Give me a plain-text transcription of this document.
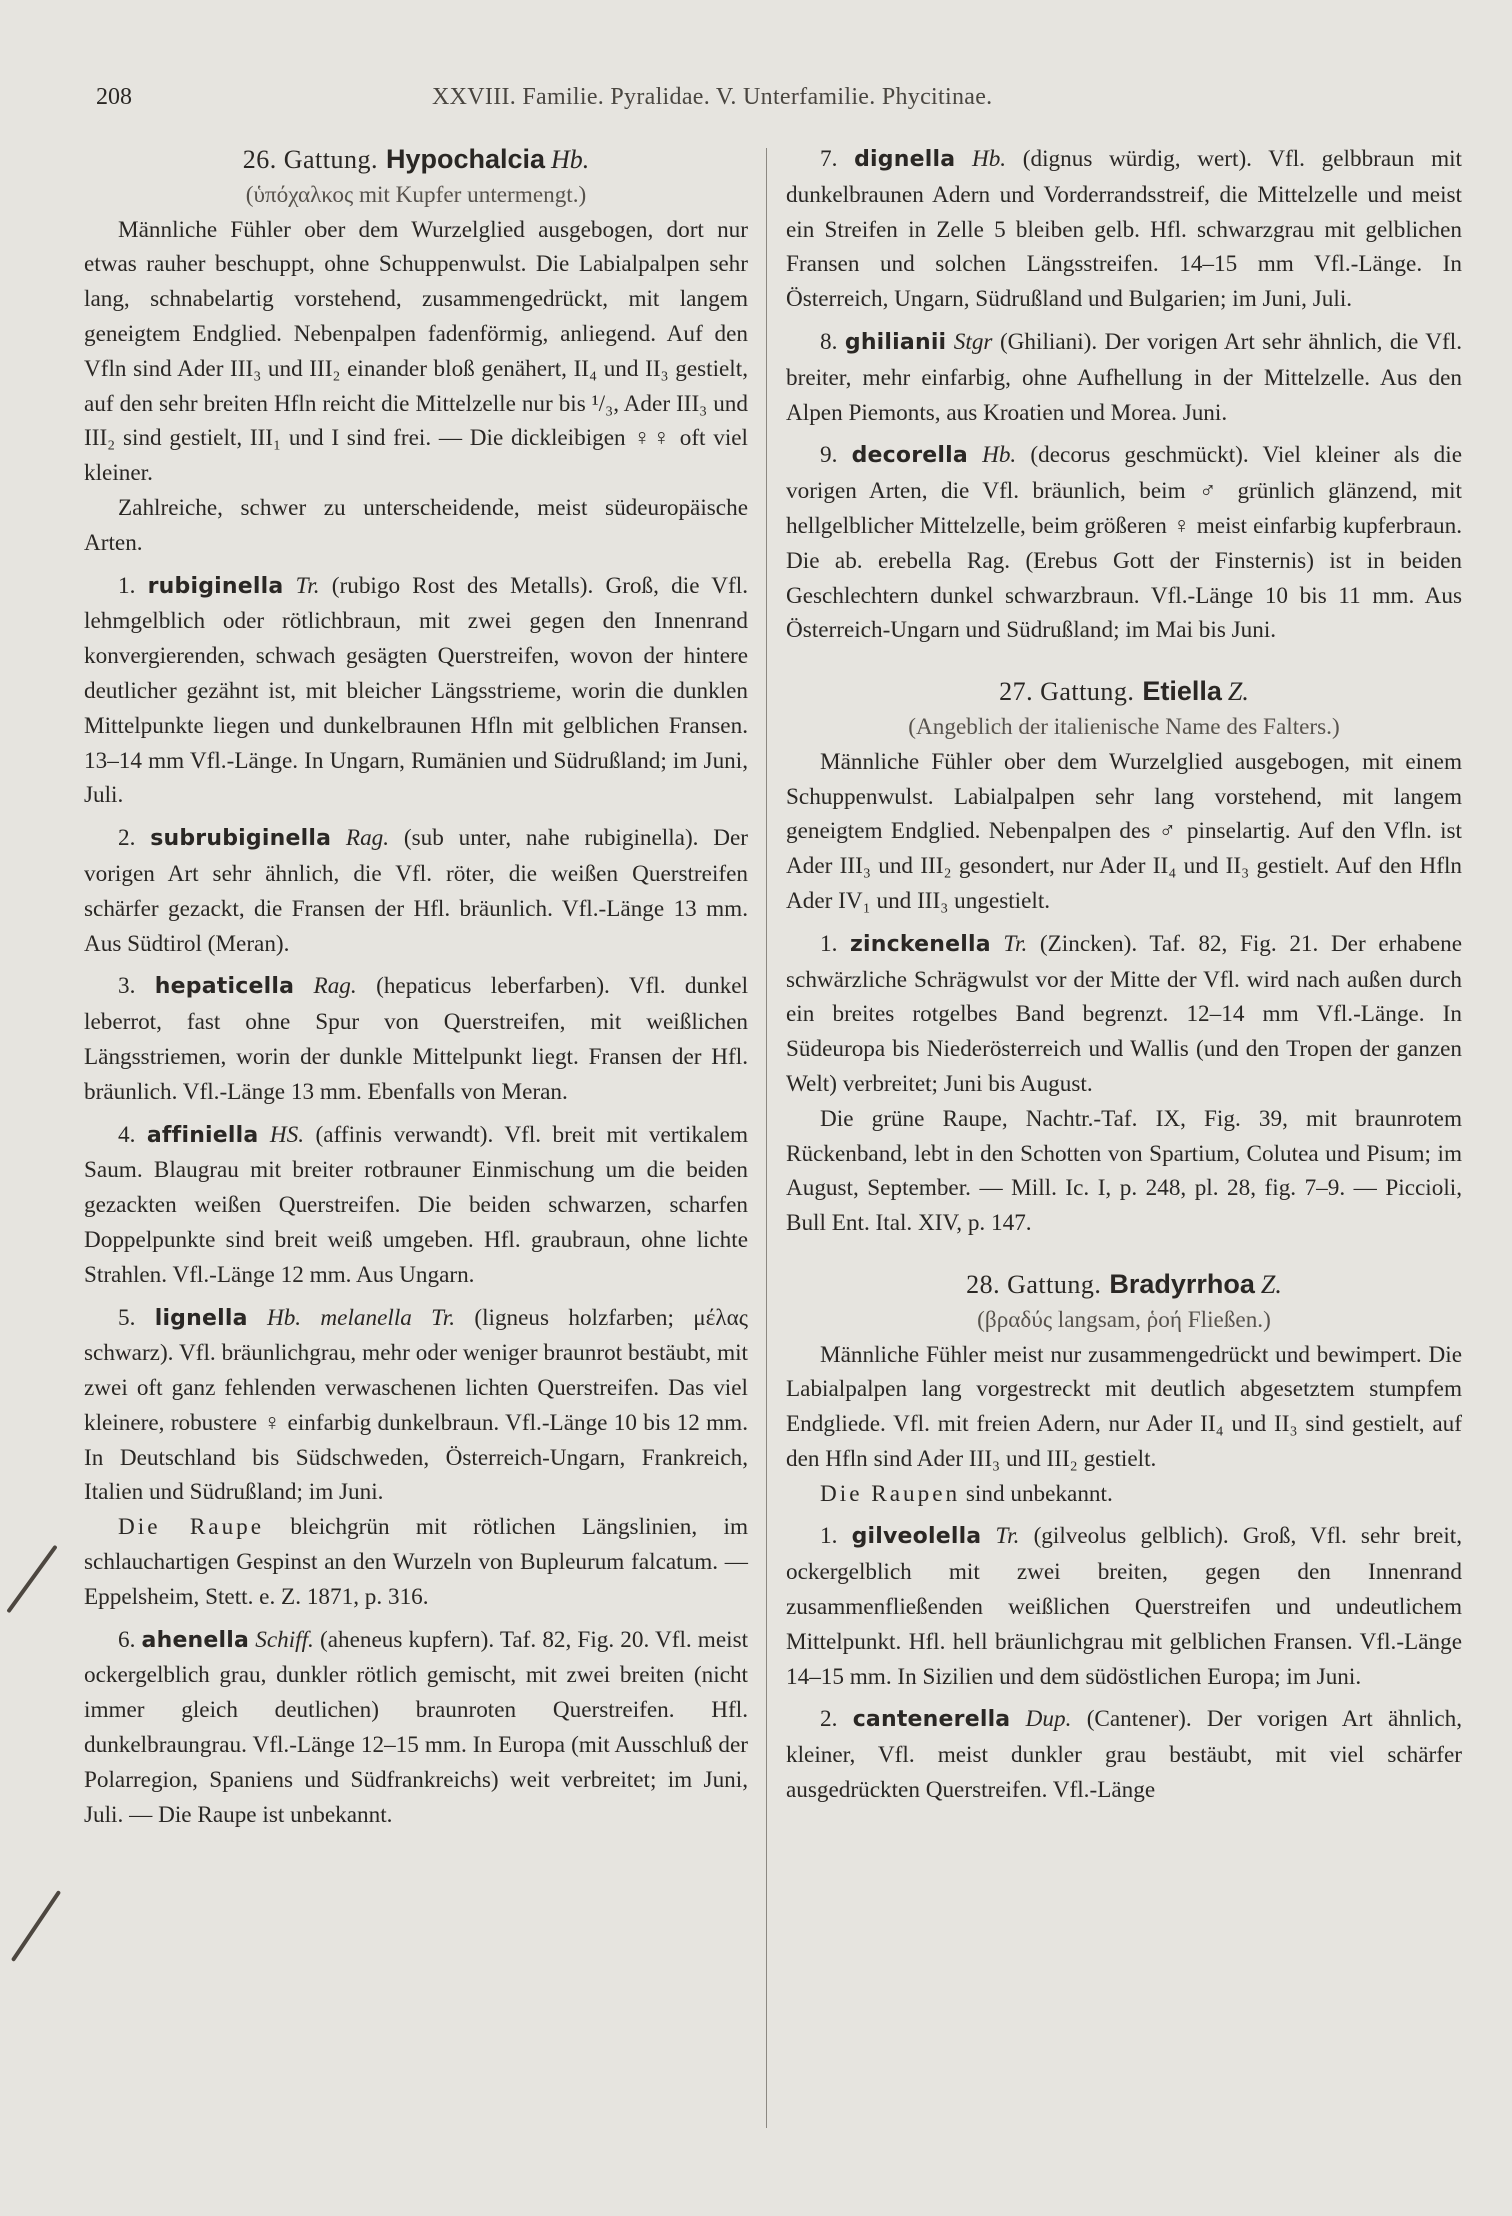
208	XXVIII. Familie. Pyralidae. V. Unterfamilie. Phycitinae.

26. Gattung. Hypochalcia Hb.

(ὑπόχαλκος mit Kupfer untermengt.)

Männliche Fühler ober dem Wurzelglied ausgebogen, dort nur etwas rauher beschuppt, ohne Schuppenwulst. Die Labialpalpen sehr lang, schnabelartig vorstehend, zusammengedrückt, mit langem geneigtem Endglied. Nebenpalpen fadenförmig, anliegend. Auf den Vfln sind Ader III₃ und III₂ einander bloß genähert, II₄ und II₃ gestielt, auf den sehr breiten Hfln reicht die Mittelzelle nur bis ¹/₃, Ader III₃ und III₂ sind gestielt, III₁ und I sind frei. — Die dickleibigen ♀♀ oft viel kleiner.

Zahlreiche, schwer zu unterscheidende, meist südeuropäische Arten.

1. rubiginella Tr. (rubigo Rost des Metalls). Groß, die Vfl. lehmgelblich oder rötlichbraun, mit zwei gegen den Innenrand konvergierenden, schwach gesägten Querstreifen, wovon der hintere deutlicher gezähnt ist, mit bleicher Längsstrieme, worin die dunklen Mittelpunkte liegen und dunkelbraunen Hfln mit gelblichen Fransen. 13–14 mm Vfl.-Länge. In Ungarn, Rumänien und Südrußland; im Juni, Juli.

2. subrubiginella Rag. (sub unter, nahe rubiginella). Der vorigen Art sehr ähnlich, die Vfl. röter, die weißen Querstreifen schärfer gezackt, die Fransen der Hfl. bräunlich. Vfl.-Länge 13 mm. Aus Südtirol (Meran).

3. hepaticella Rag. (hepaticus leberfarben). Vfl. dunkel leberrot, fast ohne Spur von Querstreifen, mit weißlichen Längsstriemen, worin der dunkle Mittelpunkt liegt. Fransen der Hfl. bräunlich. Vfl.-Länge 13 mm. Ebenfalls von Meran.

4. affiniella HS. (affinis verwandt). Vfl. breit mit vertikalem Saum. Blaugrau mit breiter rotbrauner Einmischung um die beiden gezackten weißen Querstreifen. Die beiden schwarzen, scharfen Doppelpunkte sind breit weiß umgeben. Hfl. graubraun, ohne lichte Strahlen. Vfl.-Länge 12 mm. Aus Ungarn.

5. lignella Hb. melanella Tr. (ligneus holzfarben; μέλας schwarz). Vfl. bräunlichgrau, mehr oder weniger braunrot bestäubt, mit zwei oft ganz fehlenden verwaschenen lichten Querstreifen. Das viel kleinere, robustere ♀ einfarbig dunkelbraun. Vfl.-Länge 10 bis 12 mm. In Deutschland bis Südschweden, Österreich-Ungarn, Frankreich, Italien und Südrußland; im Juni.

Die Raupe bleichgrün mit rötlichen Längslinien, im schlauchartigen Gespinst an den Wurzeln von Bupleurum falcatum. — Eppelsheim, Stett. e. Z. 1871, p. 316.

6. ahenella Schiff. (aheneus kupfern). Taf. 82, Fig. 20. Vfl. meist ockergelblich grau, dunkler rötlich gemischt, mit zwei breiten (nicht immer gleich deutlichen) braunroten Querstreifen. Hfl. dunkelbraungrau. Vfl.-Länge 12–15 mm. In Europa (mit Ausschluß der Polarregion, Spaniens und Südfrankreichs) weit verbreitet; im Juni, Juli. — Die Raupe ist unbekannt.

7. dignella Hb. (dignus würdig, wert). Vfl. gelbbraun mit dunkelbraunen Adern und Vorderrandsstreif, die Mittelzelle und meist ein Streifen in Zelle 5 bleiben gelb. Hfl. schwarzgrau mit gelblichen Fransen und solchen Längsstreifen. 14–15 mm Vfl.-Länge. In Österreich, Ungarn, Südrußland und Bulgarien; im Juni, Juli.

8. ghilianii Stgr (Ghiliani). Der vorigen Art sehr ähnlich, die Vfl. breiter, mehr einfarbig, ohne Aufhellung in der Mittelzelle. Aus den Alpen Piemonts, aus Kroatien und Morea. Juni.

9. decorella Hb. (decorus geschmückt). Viel kleiner als die vorigen Arten, die Vfl. bräunlich, beim ♂ grünlich glänzend, mit hellgelblicher Mittelzelle, beim größeren ♀ meist einfarbig kupferbraun. Die ab. erebella Rag. (Erebus Gott der Finsternis) ist in beiden Geschlechtern dunkel schwarzbraun. Vfl.-Länge 10 bis 11 mm. Aus Österreich-Ungarn und Südrußland; im Mai bis Juni.

27. Gattung. Etiella Z.

(Angeblich der italienische Name des Falters.)

Männliche Fühler ober dem Wurzelglied ausgebogen, mit einem Schuppenwulst. Labialpalpen sehr lang vorstehend, mit langem geneigtem Endglied. Nebenpalpen des ♂ pinselartig. Auf den Vfln. ist Ader III₃ und III₂ gesondert, nur Ader II₄ und II₃ gestielt. Auf den Hfln Ader IV₁ und III₃ ungestielt.

1. zinckenella Tr. (Zincken). Taf. 82, Fig. 21. Der erhabene schwärzliche Schrägwulst vor der Mitte der Vfl. wird nach außen durch ein breites rotgelbes Band begrenzt. 12–14 mm Vfl.-Länge. In Südeuropa bis Niederösterreich und Wallis (und den Tropen der ganzen Welt) verbreitet; Juni bis August.

Die grüne Raupe, Nachtr.-Taf. IX, Fig. 39, mit braunrotem Rückenband, lebt in den Schotten von Spartium, Colutea und Pisum; im August, September. — Mill. Ic. I, p. 248, pl. 28, fig. 7–9. — Piccioli, Bull Ent. Ital. XIV, p. 147.

28. Gattung. Bradyrrhoa Z.

(βραδύς langsam, ῥοή Fließen.)

Männliche Fühler meist nur zusammengedrückt und bewimpert. Die Labialpalpen lang vorgestreckt mit deutlich abgesetztem stumpfem Endgliede. Vfl. mit freien Adern, nur Ader II₄ und II₃ sind gestielt, auf den Hfln sind Ader III₃ und III₂ gestielt.

Die Raupen sind unbekannt.

1. gilveolella Tr. (gilveolus gelblich). Groß, Vfl. sehr breit, ockergelblich mit zwei breiten, gegen den Innenrand zusammenfließenden weißlichen Querstreifen und undeutlichem Mittelpunkt. Hfl. hell bräunlichgrau mit gelblichen Fransen. Vfl.-Länge 14–15 mm. In Sizilien und dem südöstlichen Europa; im Juni.

2. cantenerella Dup. (Cantener). Der vorigen Art ähnlich, kleiner, Vfl. meist dunkler grau bestäubt, mit viel schärfer ausgedrückten Querstreifen. Vfl.-Länge
